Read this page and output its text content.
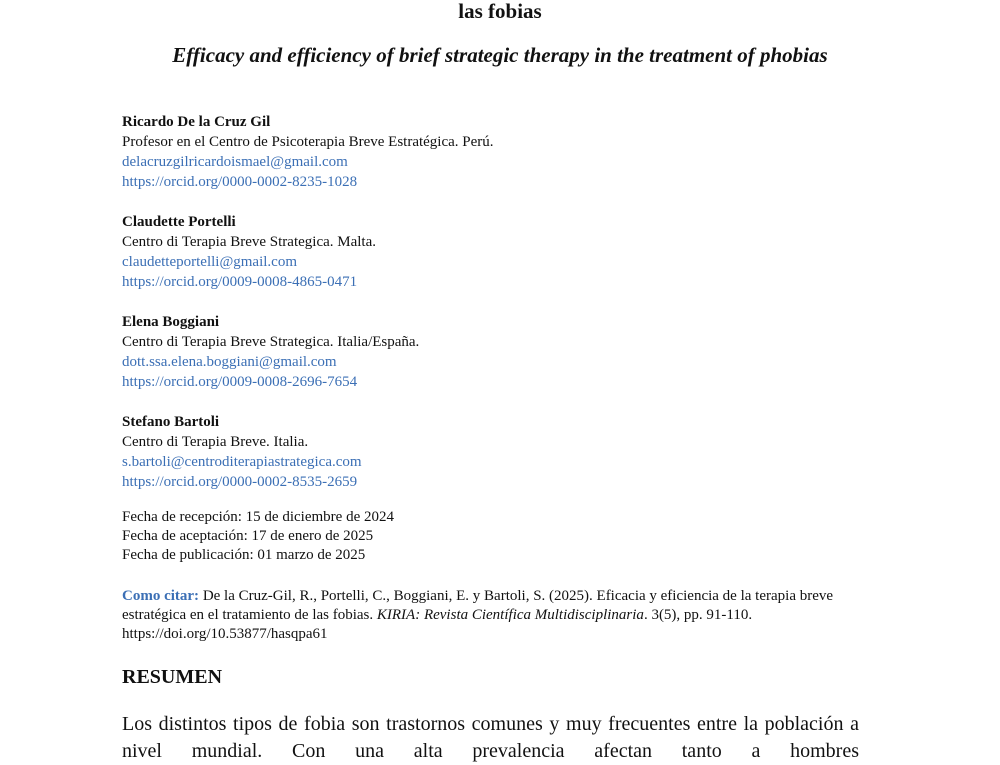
las fobias
Efficacy and efficiency of brief strategic therapy in the treatment of phobias
Ricardo De la Cruz Gil
Profesor en el Centro de Psicoterapia Breve Estratégica. Perú.
delacruzgilricardoismael@gmail.com
https://orcid.org/0000-0002-8235-1028
Claudette Portelli
Centro di Terapia Breve Strategica. Malta.
claudetteportelli@gmail.com
https://orcid.org/0009-0008-4865-0471
Elena Boggiani
Centro di Terapia Breve Strategica. Italia/España.
dott.ssa.elena.boggiani@gmail.com
https://orcid.org/0009-0008-2696-7654
Stefano Bartoli
Centro di Terapia Breve. Italia.
s.bartoli@centroditerapiastrategica.com
https://orcid.org/0000-0002-8535-2659
Fecha de recepción: 15 de diciembre de 2024
Fecha de aceptación: 17 de enero de 2025
Fecha de publicación: 01 marzo de 2025
Como citar: De la Cruz-Gil, R., Portelli, C., Boggiani, E. y Bartoli, S. (2025). Eficacia y eficiencia de la terapia breve estratégica en el tratamiento de las fobias. KIRIA: Revista Científica Multidisciplinaria. 3(5), pp. 91-110.
https://doi.org/10.53877/hasqpa61
RESUMEN
Los distintos tipos de fobia son trastornos comunes y muy frecuentes entre la población a nivel mundial. Con una alta prevalencia afectan tanto a hombres
